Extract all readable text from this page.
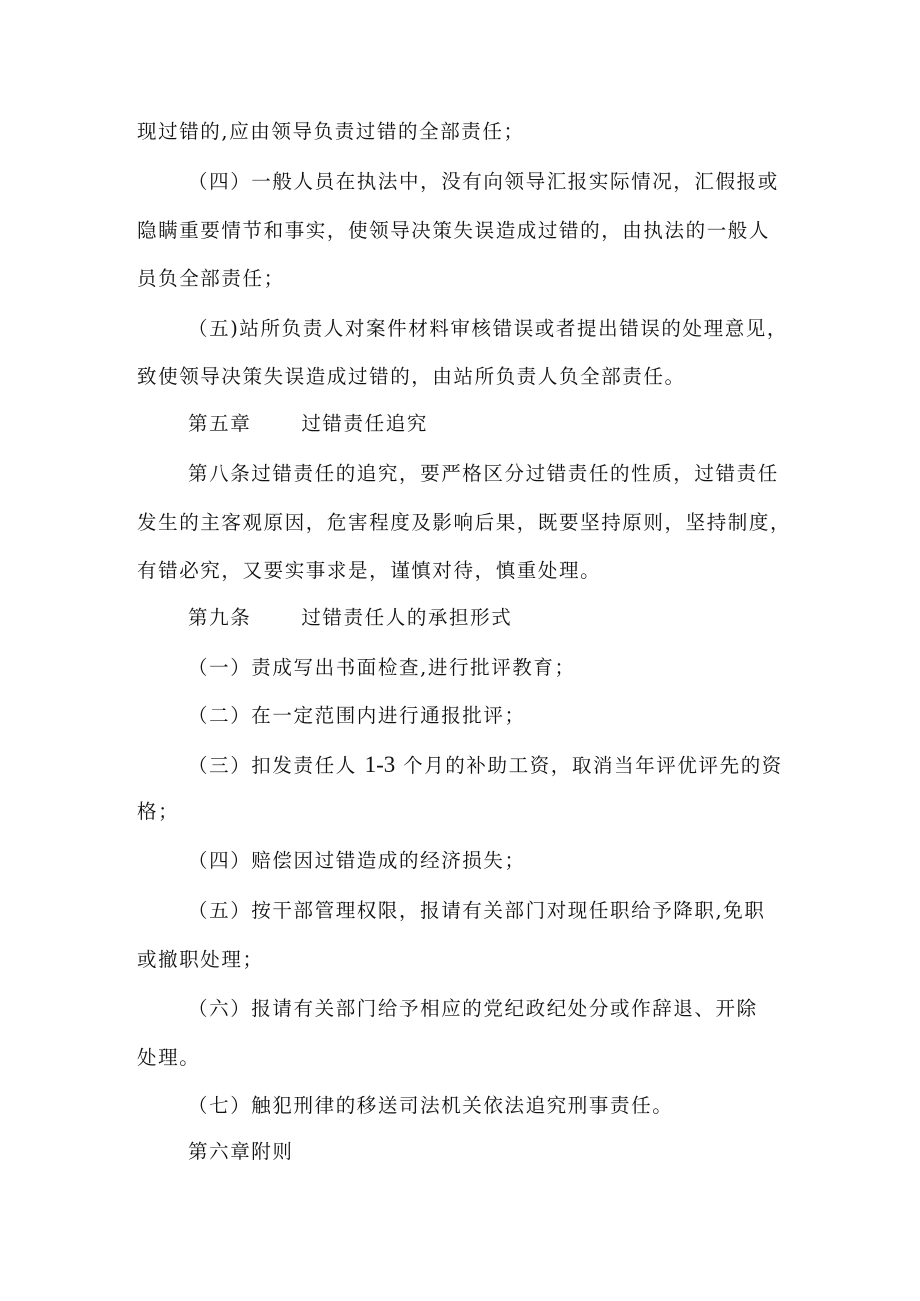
现过错的,应由领导负责过错的全部责任；
（四）一般人员在执法中，没有向领导汇报实际情况，汇假报或
隐瞒重要情节和事实，使领导决策失误造成过错的，由执法的一般人
员负全部责任；
（五)站所负责人对案件材料审核错误或者提出错误的处理意见，
致使领导决策失误造成过错的，由站所负责人负全部责任。
第五章	过错责任追究
第八条过错责任的追究，要严格区分过错责任的性质，过错责任
发生的主客观原因，危害程度及影响后果，既要坚持原则，坚持制度，
有错必究，又要实事求是，谨慎对待，慎重处理。
第九条	过错责任人的承担形式
（一）责成写出书面检查,进行批评教育；
（二）在一定范围内进行通报批评；
（三）扣发责任人 1-3 个月的补助工资，取消当年评优评先的资
格；
（四）赔偿因过错造成的经济损失；
（五）按干部管理权限，报请有关部门对现任职给予降职,免职
或撤职处理；
（六）报请有关部门给予相应的党纪政纪处分或作辞退、开除
处理。
（七）触犯刑律的移送司法机关依法追究刑事责任。
第六章附则
